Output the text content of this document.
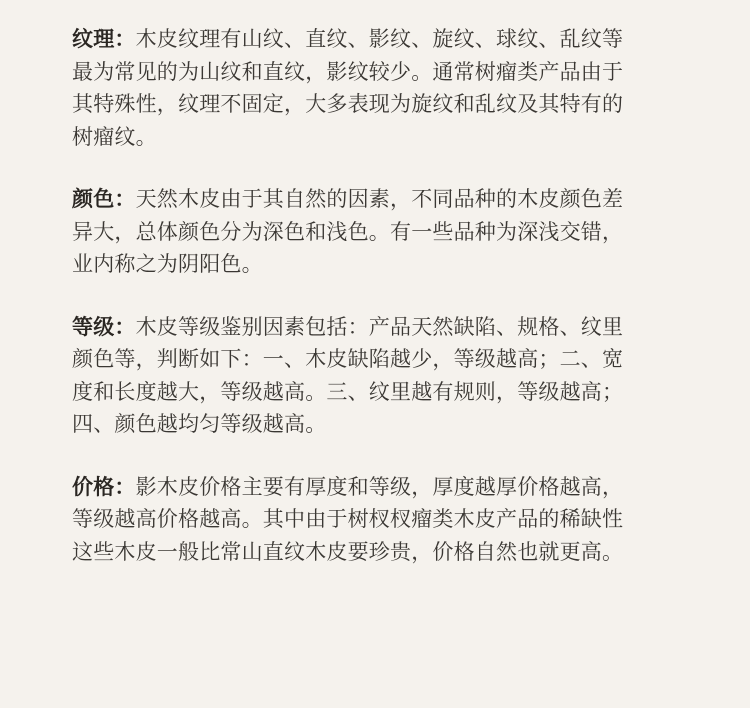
纹理：木皮纹理有山纹、直纹、影纹、旋纹、球纹、乱纹等最为常见的为山纹和直纹，影纹较少。通常树瘤类产品由于其特殊性，纹理不固定，大多表现为旋纹和乱纹及其特有的树瘤纹。

颜色：天然木皮由于其自然的因素，不同品种的木皮颜色差异大，总体颜色分为深色和浅色。有一些品种为深浅交错，业内称之为阴阳色。

等级：木皮等级鉴别因素包括：产品天然缺陷、规格、纹里颜色等，判断如下：一、木皮缺陷越少，等级越高；二、宽度和长度越大，等级越高。三、纹里越有规则，等级越高；四、颜色越均匀等级越高。

价格：影木皮价格主要有厚度和等级，厚度越厚价格越高，等级越高价格越高。其中由于树杈杈瘤类木皮产品的稀缺性这些木皮一般比常山直纹木皮要珍贵，价格自然也就更高。
